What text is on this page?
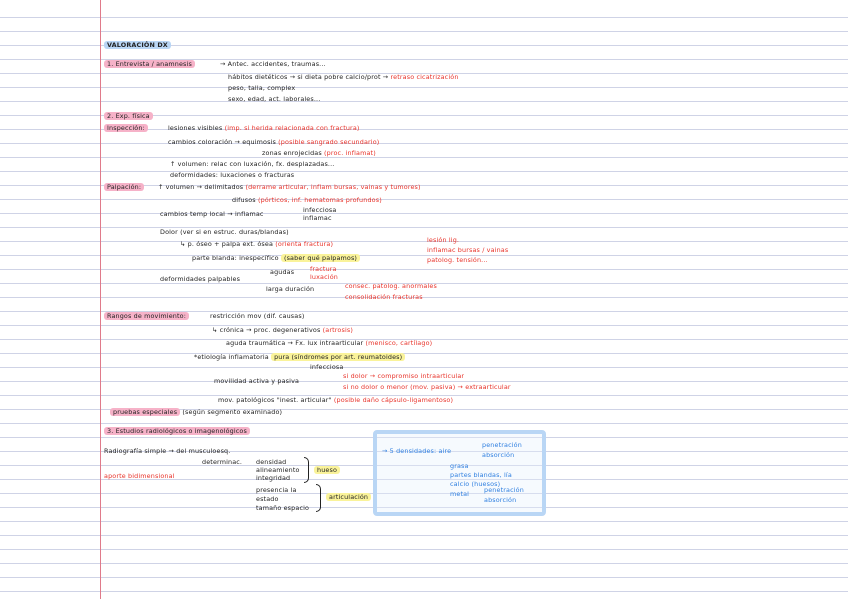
VALORACIÓN DX
1. Entrevista / anamnesis	→ Antec. accidentes, traumas...
hábitos dietéticos → si dieta pobre calcio/prot → retraso cicatrización
peso, talla, complex
sexo, edad, act. laborales...
2. Exp. física
Inspección:	lesiones visibles (imp. si herida relacionada con fractura)
cambios coloración → equimosis (posible sangrado secundario)
zonas enrojecidas (proc. inflamat)
↑ volumen: relac con luxación, fx. desplazadas...
deformidades: luxaciones o fracturas
Palpación:	↑ volumen → delimitados (derrame articular, inflam bursas, vainas y tumores)
difusos (pórticos, inf. hematomas profundos)
cambios temp local → inflamac	infecciosa
inflamac
Dolor (ver si en estruc. duras/blandas)
↳ p. óseo + palpa ext. ósea (orienta fractura)
parte blanda: inespecífico (saber qué palpamos)
lesión lig.
inflamac bursas / vainas
patolog. tensión...
deformidades palpables
agudas
larga duración
fractura
luxación
consec. patolog. anormales
consolidación fracturas
Rangos de movimiento:	restricción mov (dif. causas)
↳ crónica → proc. degenerativos (artrosis)
aguda traumática → Fx. lux intraarticular (menisco, cartílago)
*etiología inflamatoria pura (síndromes por art. reumatoides)
infecciosa
movilidad activa y pasiva
si dolor → compromiso intraarticular
si no dolor o menor (mov. pasiva) → extraarticular
mov. patológicos "inest. articular" (posible daño cápsulo-ligamentoso)
pruebas especiales (según segmento examinado)
3. Estudios radiológicos o imagenológicos
Radiografía simple → del musculoesq.
determinac. densidad
alineamiento
integridad
hueso
presencia la
estado
tamaño espacio
articulación
aporte bidimensional
→ 5 densidades: aire
penetración
absorción
grasa
partes blandas, lía
calcio (huesos)
metal penetración
absorción
